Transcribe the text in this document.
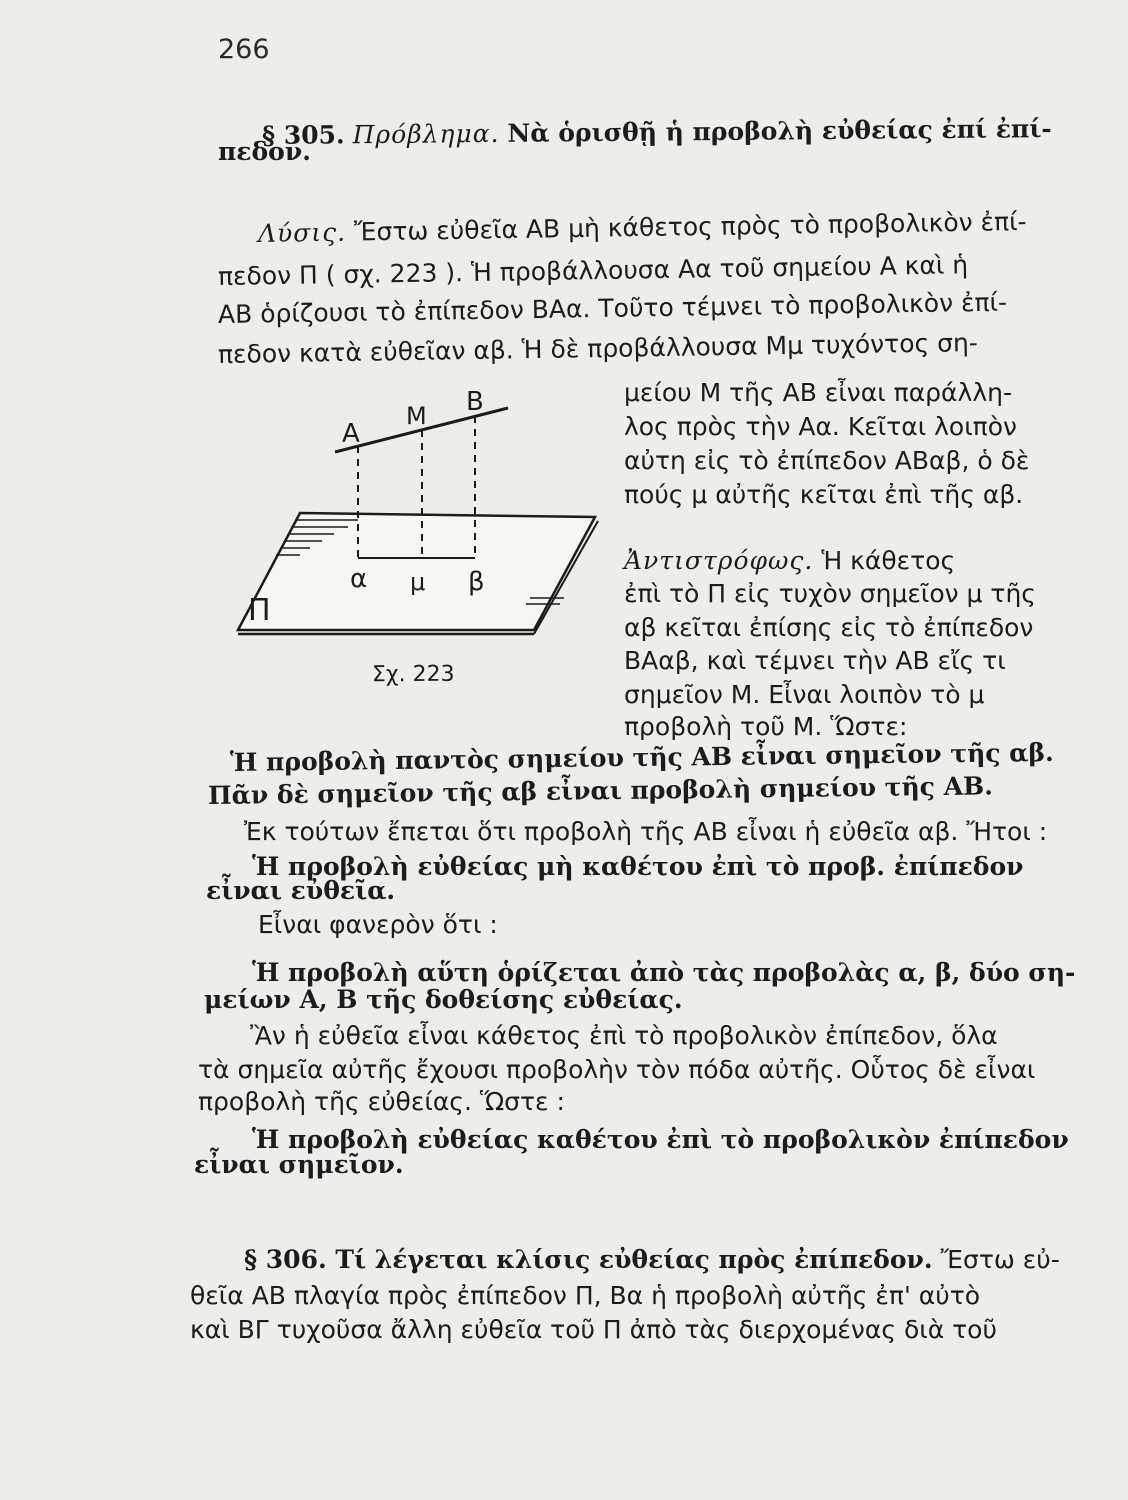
266
§ 305. Πρόβλημα. Νὰ ὁρισθῇ ἡ προβολὴ εὐθείας ἐπί ἐπί-
πεδον.
Λύσις. Ἔστω εὐθεῖα ΑΒ μὴ κάθετος πρὸς τὸ προβολικὸν ἐπί-
πεδον Π ( σχ. 223 ). Ἡ προβάλλουσα Αα τοῦ σημείου Α καὶ ἡ
ΑΒ ὁρίζουσι τὸ ἐπίπεδον ΒΑα. Τοῦτο τέμνει τὸ προβολικὸν ἐπί-
πεδον κατὰ εὐθεῖαν αβ. Ἡ δὲ προβάλλουσα Μμ τυχόντος ση-
μείου Μ τῆς ΑΒ εἶναι παράλλη-
λος πρὸς τὴν Αα. Κεῖται λοιπὸν
αὐτη εἰς τὸ ἐπίπεδον ΑΒαβ, ὁ δὲ
πούς μ αὐτῆς κεῖται ἐπὶ τῆς αβ.
Ἀντιστρόφως. Ἡ κάθετος
ἐπὶ τὸ Π εἰς τυχὸν σημεῖον μ τῆς
αβ κεῖται ἐπίσης εἰς τὸ ἐπίπεδον
ΒΑαβ, καὶ τέμνει τὴν ΑΒ εἴς τι
σημεῖον Μ. Εἶναι λοιπὸν τὸ μ
προβολὴ τοῦ Μ. Ὥστε:
Ἡ προβολὴ παντὸς σημείου τῆς ΑΒ εἶναι σημεῖον τῆς αβ.
Πᾶν δὲ σημεῖον τῆς αβ εἶναι προβολὴ σημείου τῆς ΑΒ.
Ἐκ τούτων ἔπεται ὅτι προβολὴ τῆς ΑΒ εἶναι ἡ εὐθεῖα αβ. Ἤτοι :
Ἡ προβολὴ εὐθείας μὴ καθέτου ἐπὶ τὸ προβ. ἐπίπεδον
εἶναι εὐθεῖα.
Εἶναι φανερὸν ὅτι :
Ἡ προβολὴ αὕτη ὁρίζεται ἀπὸ τὰς προβολὰς α, β, δύο ση-
μείων Α, Β τῆς δοθείσης εὐθείας.
Ἂν ἡ εὐθεῖα εἶναι κάθετος ἐπὶ τὸ προβολικὸν ἐπίπεδον, ὅλα
τὰ σημεῖα αὐτῆς ἔχουσι προβολὴν τὸν πόδα αὐτῆς. Οὗτος δὲ εἶναι
προβολὴ τῆς εὐθείας. Ὥστε :
Ἡ προβολὴ εὐθείας καθέτου ἐπὶ τὸ προβολικὸν ἐπίπεδον
εἶναι σημεῖον.
§ 306. Τί λέγεται κλίσις εὐθείας πρὸς ἐπίπεδον. Ἔστω εὐ-
θεῖα ΑΒ πλαγία πρὸς ἐπίπεδον Π, Βα ἡ προβολὴ αὐτῆς ἐπ' αὐτὸ
καὶ ΒΓ τυχοῦσα ἄλλη εὐθεῖα τοῦ Π ἀπὸ τὰς διερχομένας διὰ τοῦ
Α
Μ Β
α μ β
Π
Σχ. 223
